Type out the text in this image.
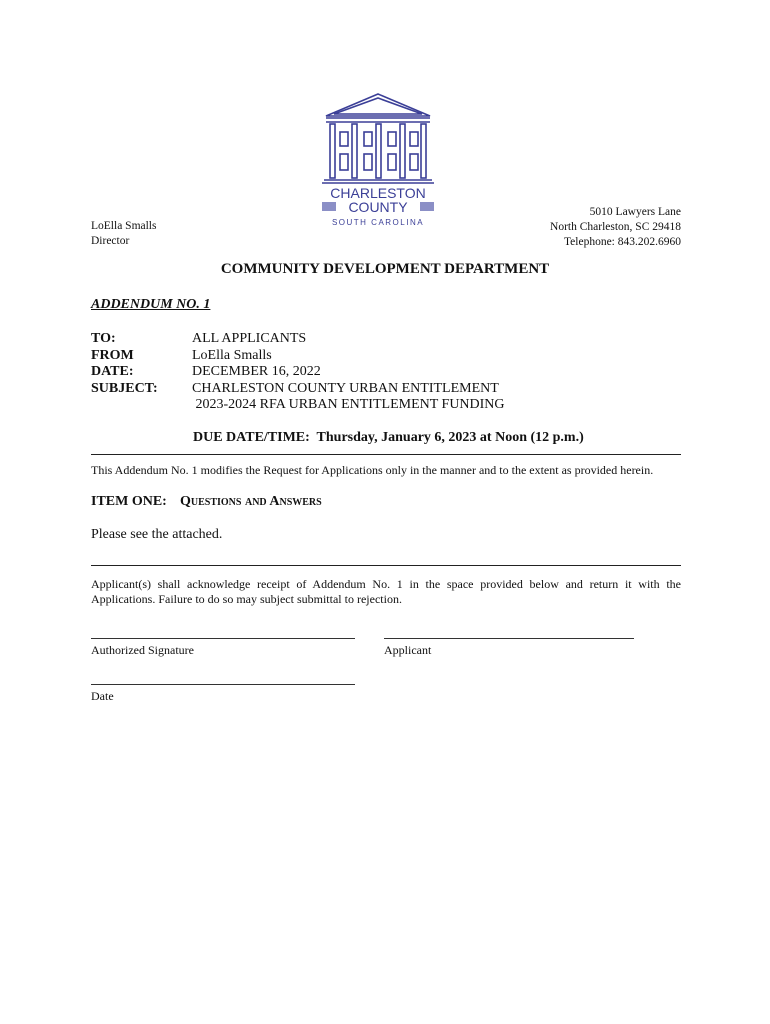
CHARLESTON
COUNTY
SOUTH CAROLINA
LoElla Smalls
Director
5010 Lawyers Lane
North Charleston, SC 29418
Telephone: 843.202.6960
COMMUNITY DEVELOPMENT DEPARTMENT
ADDENDUM NO. 1
TO:	ALL APPLICANTS
FROM	LoElla Smalls
DATE:	DECEMBER 16, 2022
SUBJECT:	CHARLESTON COUNTY URBAN ENTITLEMENT
2023-2024 RFA URBAN ENTITLEMENT FUNDING
DUE DATE/TIME:  Thursday, January 6, 2023 at Noon (12 p.m.)
This Addendum No. 1 modifies the Request for Applications only in the manner and to the extent as provided herein.
ITEM ONE: Questions and Answers
Please see the attached.
Applicant(s) shall acknowledge receipt of Addendum No. 1 in the space provided below and return it with the Applications. Failure to do so may subject submittal to rejection.
Authorized Signature	Applicant
Date
